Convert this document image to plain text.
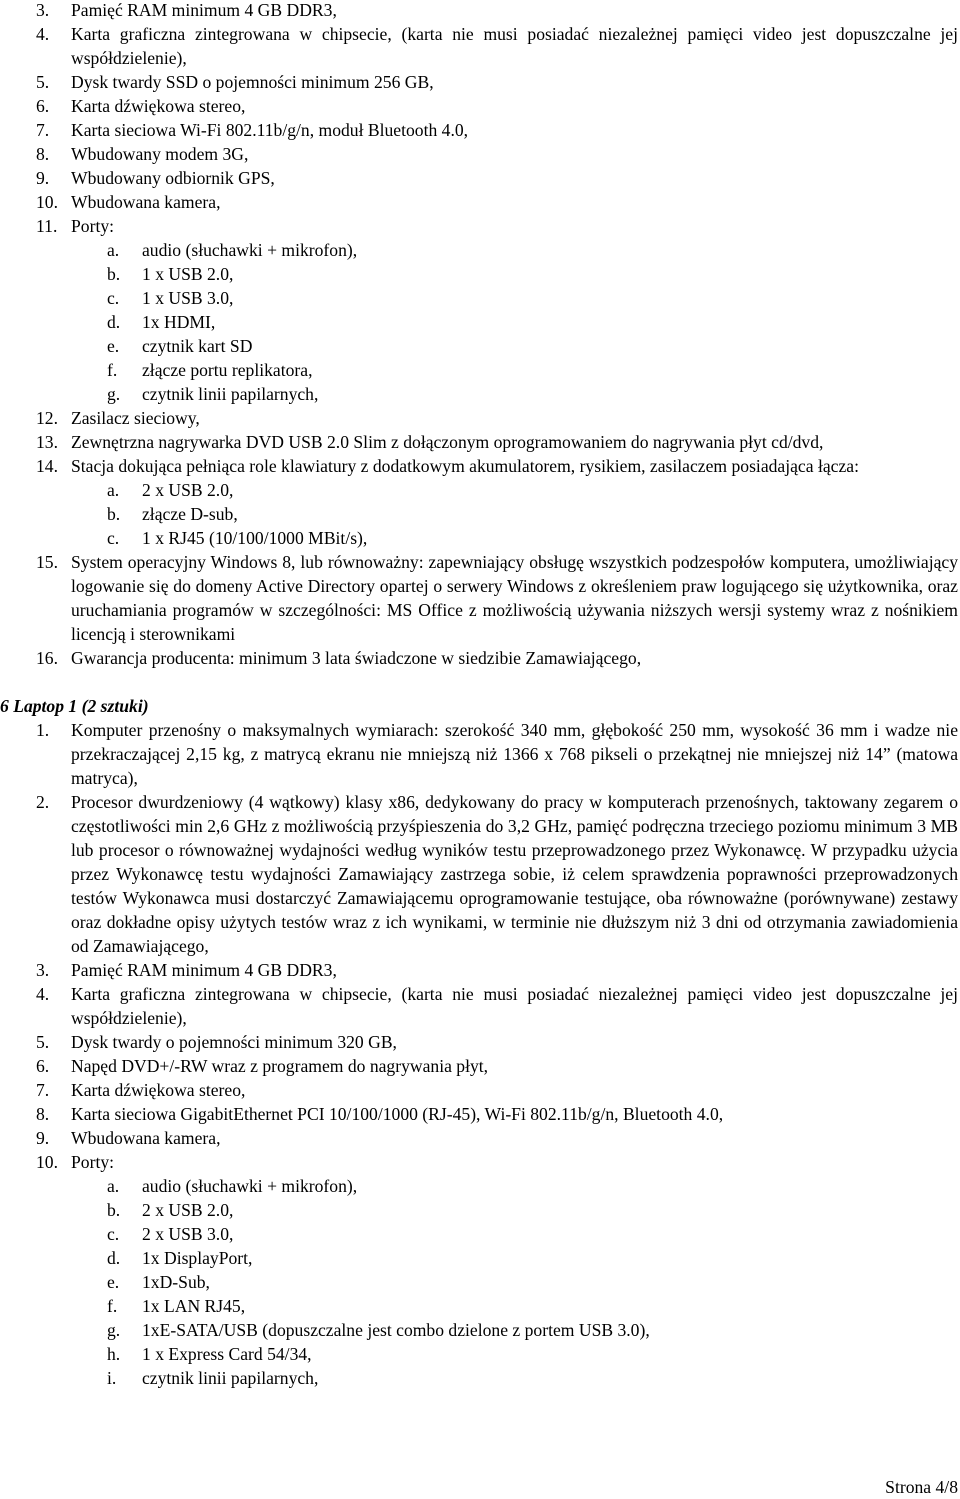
3. Pamięć RAM minimum 4 GB DDR3,
4. Karta graficzna zintegrowana w chipsecie, (karta nie musi posiadać niezależnej pamięci video jest dopuszczalne jej współdzielenie),
5. Dysk twardy SSD o pojemności minimum 256 GB,
6. Karta dźwiękowa stereo,
7. Karta sieciowa Wi-Fi 802.11b/g/n, moduł Bluetooth 4.0,
8. Wbudowany modem 3G,
9. Wbudowany odbiornik GPS,
10. Wbudowana kamera,
11. Porty:
a. audio (słuchawki + mikrofon),
b. 1 x USB 2.0,
c. 1 x USB 3.0,
d. 1x HDMI,
e. czytnik kart SD
f. złącze portu replikatora,
g. czytnik linii papilarnych,
12. Zasilacz sieciowy,
13. Zewnętrzna nagrywarka DVD USB 2.0 Slim z dołączonym oprogramowaniem do nagrywania płyt cd/dvd,
14. Stacja dokująca pełniąca role klawiatury z dodatkowym akumulatorem, rysikiem, zasilaczem posiadająca łącza:
a. 2 x USB 2.0,
b. złącze D-sub,
c. 1 x RJ45 (10/100/1000 MBit/s),
15. System operacyjny Windows 8, lub równoważny: zapewniający obsługę wszystkich podzespołów komputera, umożliwiający logowanie się do domeny Active Directory opartej o serwery Windows z określeniem praw logującego się użytkownika, oraz uruchamiania programów w szczególności: MS Office z możliwością używania niższych wersji systemy wraz z nośnikiem licencją i sterownikami
16. Gwarancja producenta: minimum 3 lata świadczone w siedzibie Zamawiającego,
6 Laptop 1 (2 sztuki)
1. Komputer przenośny o maksymalnych wymiarach: szerokość 340 mm, głębokość 250 mm, wysokość 36 mm i wadze nie przekraczającej 2,15 kg, z matrycą ekranu nie mniejszą niż 1366 x 768 pikseli o przekątnej nie mniejszej niż 14” (matowa matryca),
2. Procesor dwurdzeniowy (4 wątkowy) klasy x86, dedykowany do pracy w komputerach przenośnych, taktowany zegarem o częstotliwości min 2,6 GHz z możliwością przyśpieszenia do 3,2 GHz, pamięć podręczna trzeciego poziomu minimum 3 MB lub procesor o równoważnej wydajności według wyników testu przeprowadzonego przez Wykonawcę. W przypadku użycia przez Wykonawcę testu wydajności Zamawiający zastrzega sobie, iż celem sprawdzenia poprawności przeprowadzonych testów Wykonawca musi dostarczyć Zamawiającemu oprogramowanie testujące, oba równoważne (porównywane) zestawy oraz dokładne opisy użytych testów wraz z ich wynikami, w terminie nie dłuższym niż 3 dni od otrzymania zawiadomienia od Zamawiającego,
3. Pamięć RAM minimum 4 GB DDR3,
4. Karta graficzna zintegrowana w chipsecie, (karta nie musi posiadać niezależnej pamięci video jest dopuszczalne jej współdzielenie),
5. Dysk twardy o pojemności minimum 320 GB,
6. Napęd DVD+/-RW wraz z programem do nagrywania płyt,
7. Karta dźwiękowa stereo,
8. Karta sieciowa GigabitEthernet PCI 10/100/1000 (RJ-45), Wi-Fi 802.11b/g/n, Bluetooth 4.0,
9. Wbudowana kamera,
10. Porty:
a. audio (słuchawki + mikrofon),
b. 2 x USB 2.0,
c. 2 x USB 3.0,
d. 1x DisplayPort,
e. 1xD-Sub,
f. 1x LAN RJ45,
g. 1xE-SATA/USB (dopuszczalne jest combo dzielone z portem USB 3.0),
h. 1 x Express Card 54/34,
i. czytnik linii papilarnych,
Strona 4/8
